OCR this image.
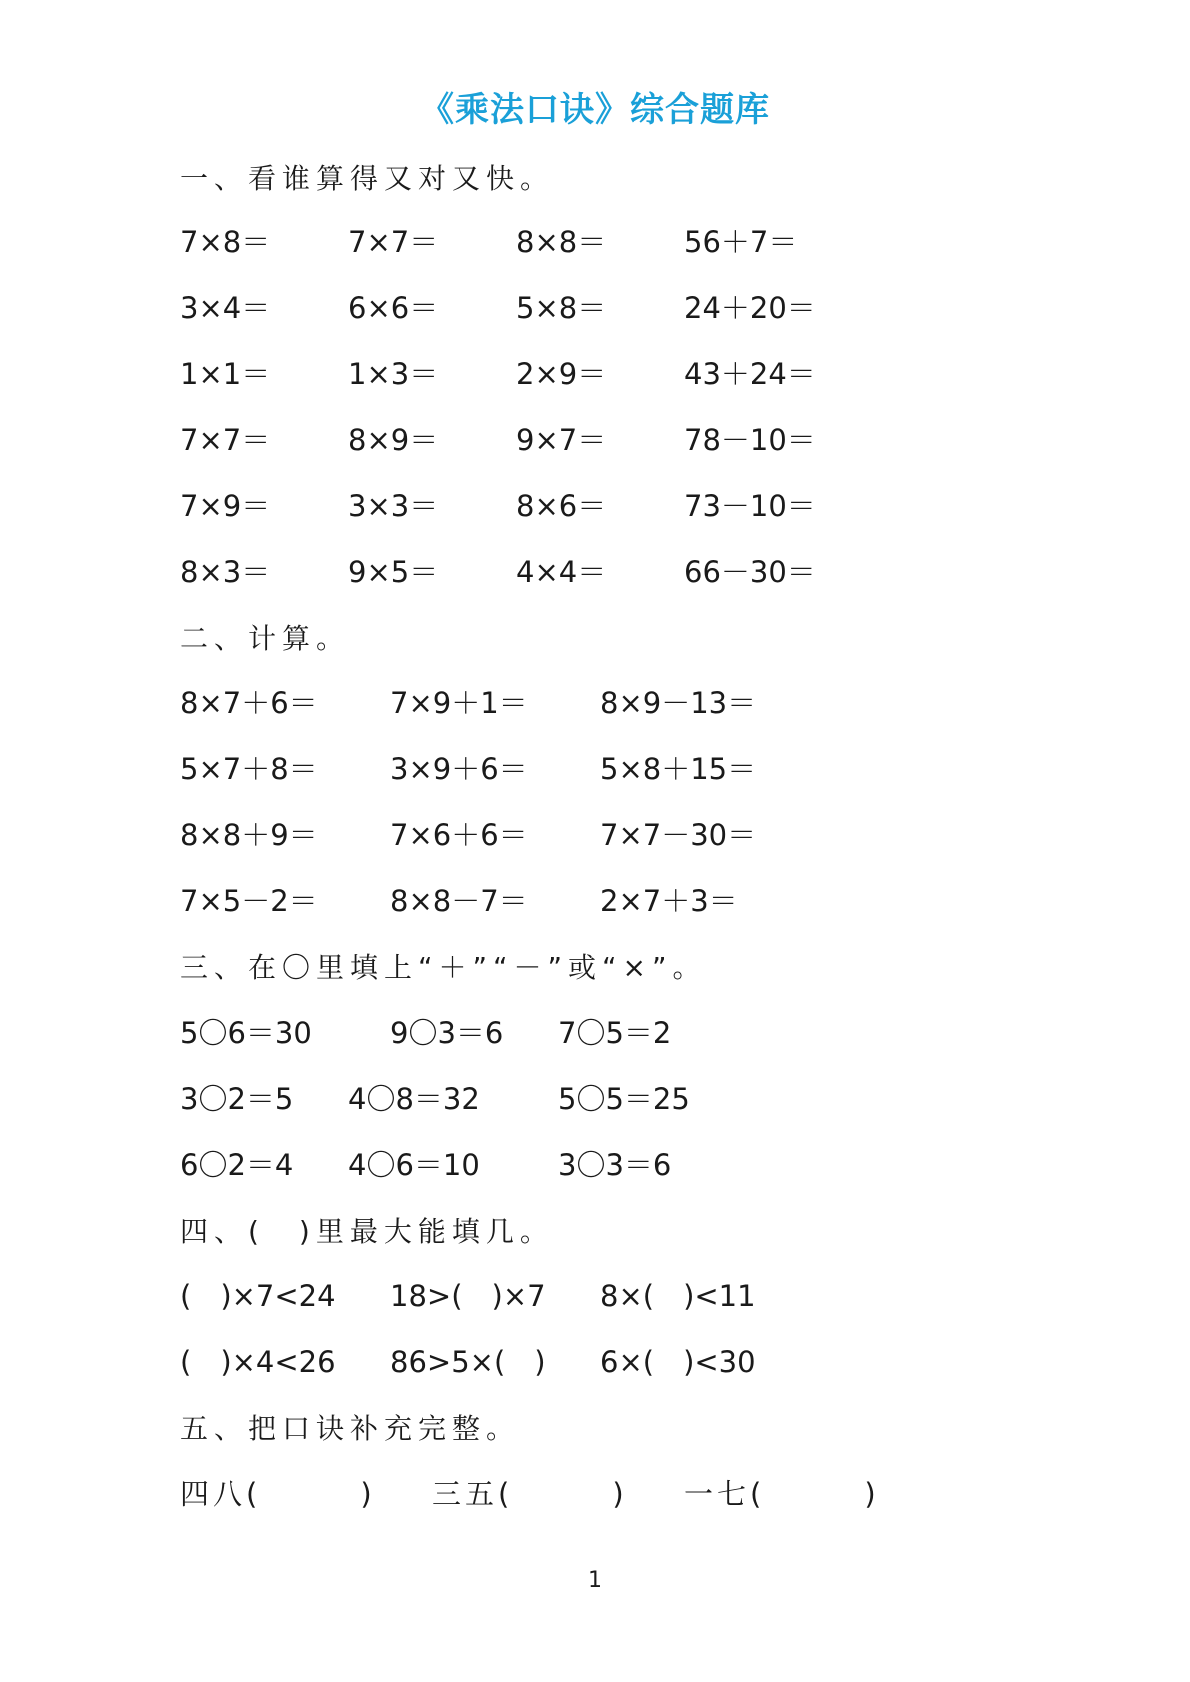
《乘法口诀》综合题库
一、看谁算得又对又快。
7×8＝	7×7＝	8×8＝	56＋7＝
3×4＝	6×6＝	5×8＝	24＋20＝
1×1＝	1×3＝	2×9＝	43＋24＝
7×7＝	8×9＝	9×7＝	78－10＝
7×9＝	3×3＝	8×6＝	73－10＝
8×3＝	9×5＝	4×4＝	66－30＝
二、计算。
8×7＋6＝ 7×9＋1＝ 8×9－13＝
5×7＋8＝ 3×9＋6＝ 5×8＋15＝
8×8＋9＝ 7×6＋6＝ 7×7－30＝
7×5－2＝ 8×8－7＝ 2×7＋3＝
三、在〇里填上“＋”“－”或“×”。
5〇6＝30	9〇3＝6 7〇5＝2
3〇2＝5 4〇8＝32	5〇5＝25
6〇2＝4 4〇6＝10	3〇3＝6
四、(　)里最大能填几。
(　)×7<24 18>(　)×7 8×(　)<11
(　)×4<26 86>5×(　) 6×(　)<30
五、把口诀补充完整。
四八(　　　) 三五(　　　) 一七(　　　)
1
